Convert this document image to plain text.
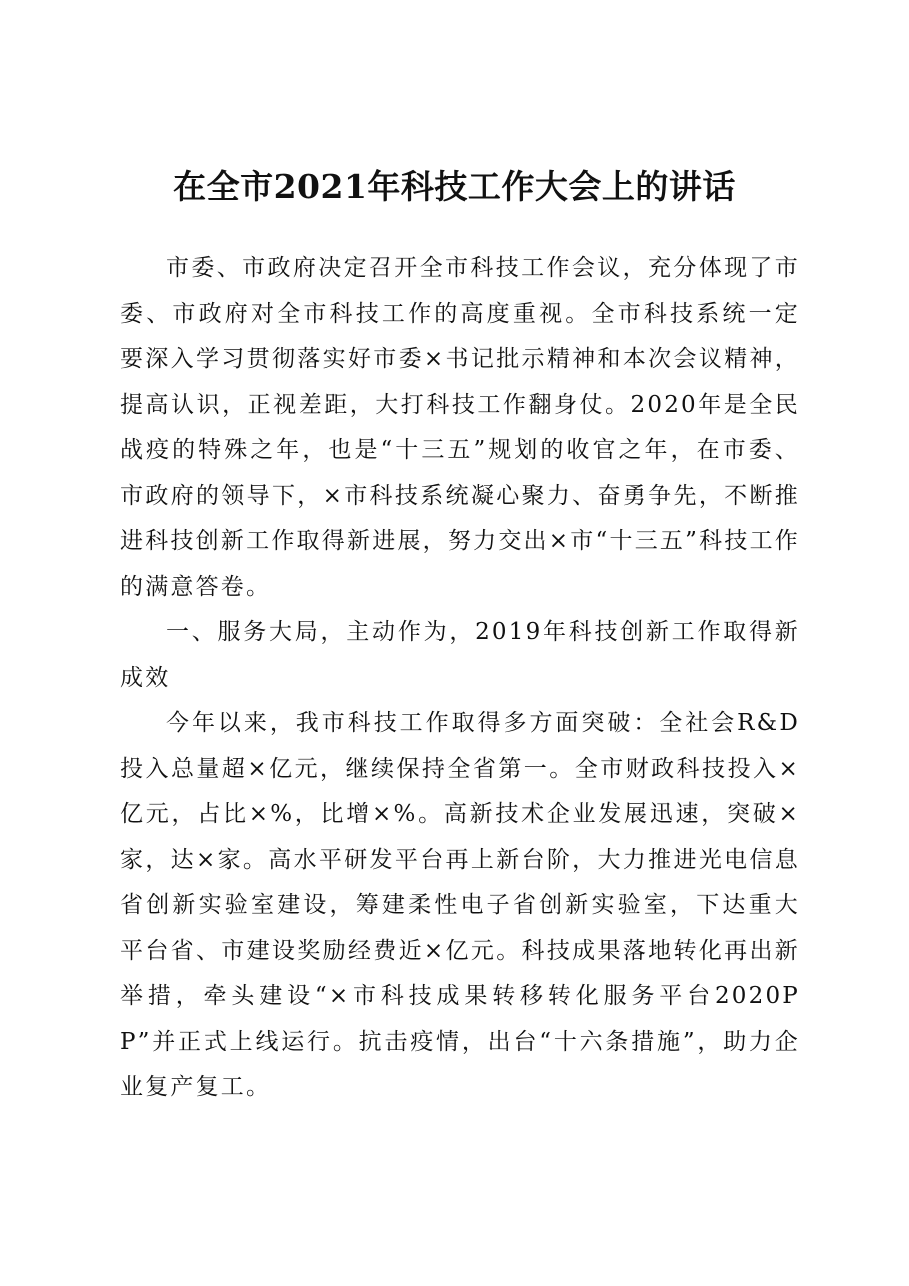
在全市2021年科技工作大会上的讲话

市委、市政府决定召开全市科技工作会议，充分体现了市委、市政府对全市科技工作的高度重视。全市科技系统一定要深入学习贯彻落实好市委×书记批示精神和本次会议精神，提高认识，正视差距，大打科技工作翻身仗。2020年是全民战疫的特殊之年，也是“十三五”规划的收官之年，在市委、市政府的领导下，×市科技系统凝心聚力、奋勇争先，不断推进科技创新工作取得新进展，努力交出×市“十三五”科技工作的满意答卷。

一、服务大局，主动作为，2019年科技创新工作取得新成效

今年以来，我市科技工作取得多方面突破：全社会R&D投入总量超×亿元，继续保持全省第一。全市财政科技投入×亿元，占比×%，比增×%。高新技术企业发展迅速，突破×家，达×家。高水平研发平台再上新台阶，大力推进光电信息省创新实验室建设，筹建柔性电子省创新实验室，下达重大平台省、市建设奖励经费近×亿元。科技成果落地转化再出新举措，牵头建设“×市科技成果转移转化服务平台2020PP”并正式上线运行。抗击疫情，出台“十六条措施”，助力企业复产复工。
